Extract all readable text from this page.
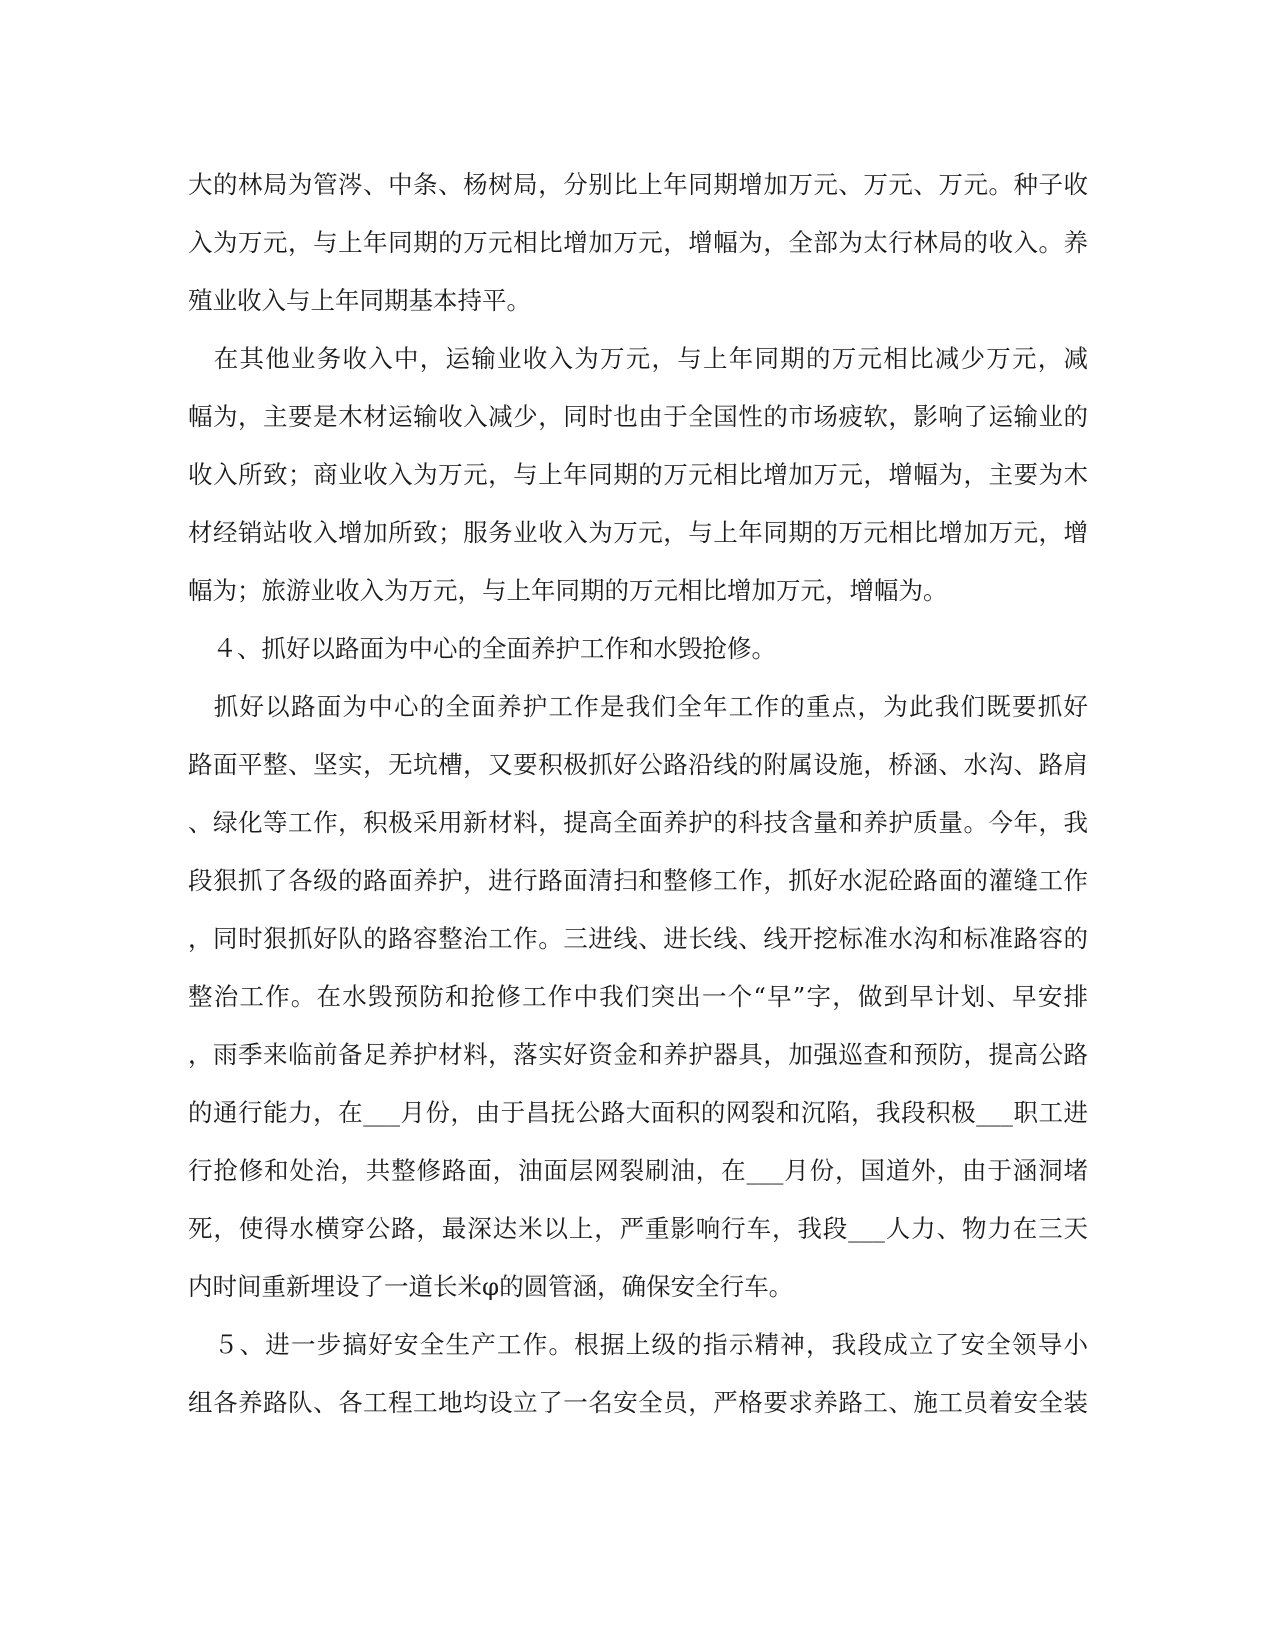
大的林局为管涔、中条、杨树局，分别比上年同期增加万元、万元、万元。种子收

入为万元，与上年同期的万元相比增加万元，增幅为，全部为太行林局的收入。养

殖业收入与上年同期基本持平。

　在其他业务收入中，运输业收入为万元，与上年同期的万元相比减少万元，减

幅为，主要是木材运输收入减少，同时也由于全国性的市场疲软，影响了运输业的

收入所致；商业收入为万元，与上年同期的万元相比增加万元，增幅为，主要为木

材经销站收入增加所致；服务业收入为万元，与上年同期的万元相比增加万元，增

幅为；旅游业收入为万元，与上年同期的万元相比增加万元，增幅为。

　４、抓好以路面为中心的全面养护工作和水毁抢修。

　抓好以路面为中心的全面养护工作是我们全年工作的重点，为此我们既要抓好

路面平整、坚实，无坑槽，又要积极抓好公路沿线的附属设施，桥涵、水沟、路肩

、绿化等工作，积极采用新材料，提高全面养护的科技含量和养护质量。今年，我

段狠抓了各级的路面养护，进行路面清扫和整修工作，抓好水泥砼路面的灌缝工作

，同时狠抓好队的路容整治工作。三进线、进长线、线开挖标准水沟和标准路容的

整治工作。在水毁预防和抢修工作中我们突出一个“早”字，做到早计划、早安排

，雨季来临前备足养护材料，落实好资金和养护器具，加强巡查和预防，提高公路

的通行能力，在___月份，由于昌抚公路大面积的网裂和沉陷，我段积极___职工进

行抢修和处治，共整修路面，油面层网裂刷油，在___月份，国道外，由于涵洞堵

死，使得水横穿公路，最深达米以上，严重影响行车，我段___人力、物力在三天

内时间重新埋设了一道长米φ的圆管涵，确保安全行车。

　５、进一步搞好安全生产工作。根据上级的指示精神，我段成立了安全领导小

组各养路队、各工程工地均设立了一名安全员，严格要求养路工、施工员着安全装
